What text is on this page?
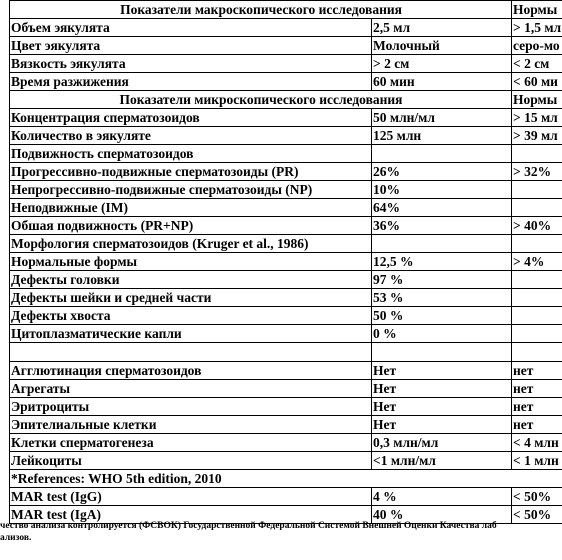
Показатели макроскопического исследования		Нормы
Объем эякулята	2,5 мл	> 1,5 мл
Цвет эякулята	Молочный	серо-мо
Вязкость эякулята	> 2 см	< 2 см
Время разжижения	60 мин	< 60 ми
Показатели микроскопического исследования		Нормы
Концентрация сперматозоидов	50 млн/мл	> 15 мл
Количество в эякуляте	125 млн	> 39 мл
Подвижность сперматозоидов		
Прогрессивно-подвижные сперматозоиды (PR)	26%	> 32%
Непрогрессивно-подвижные сперматозоиды (NP)	10%	
Неподвижные (IM)	64%	
Обшая подвижность (PR+NP)	36%	> 40%
Морфология сперматозоидов (Kruger et al., 1986)		
Нормальные формы	12,5 %	> 4%
Дефекты головки	97 %	
Дефекты шейки и средней части	53 %	
Дефекты хвоста	50 %	
Цитоплазматические капли	0 %	

Агглютинация сперматозоидов	Нет	нет
Агрегаты	Нет	нет
Эритроциты	Нет	нет
Эпителиальные клетки	Нет	нет
Клетки сперматогенеза	0,3 млн/мл	< 4 млн
Лейкоциты	<1 млн/мл	< 1 млн
*References: WHO 5th edition, 2010		
MAR test (IgG)	4 %	< 50%
MAR test (IgA)	40 %	< 50%
чество анализа контролируется (ФСВОК) Государственной Федеральной Системой Внешней Оценки Качества лаб
ализов.
